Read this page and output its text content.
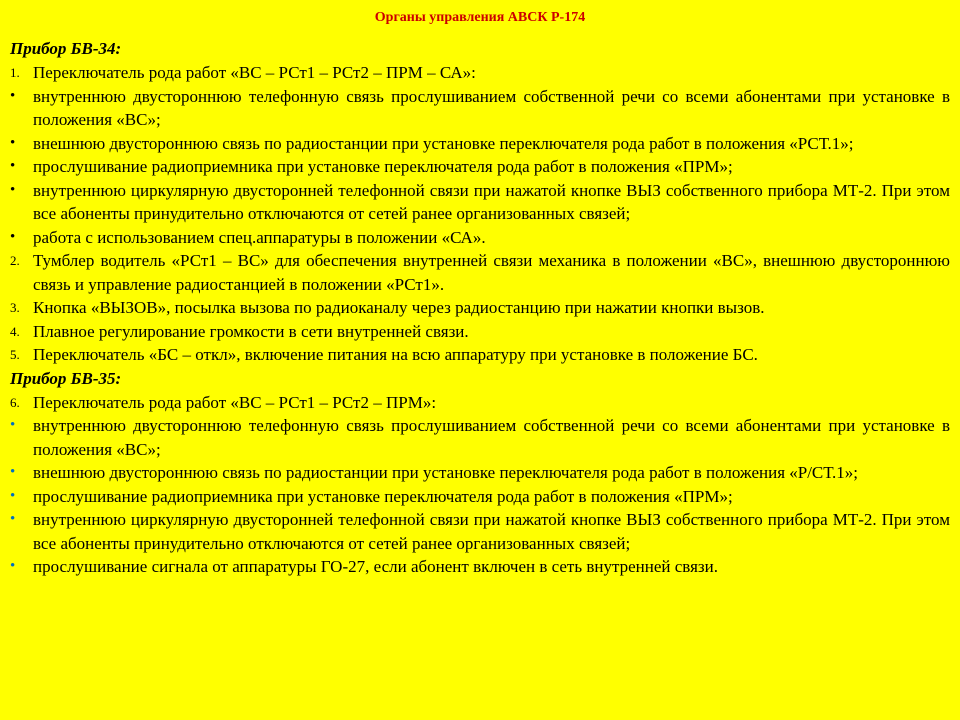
Органы управления АВСК Р-174
Прибор БВ-34:
1. Переключатель рода работ «ВС – РСт1 – РСт2 – ПРМ – СА»:
• внутреннюю двустороннюю телефонную связь прослушиванием собственной речи со всеми абонентами при установке в положения «ВС»;
• внешнюю двустороннюю связь по радиостанции при установке переключателя рода работ в положения «РСТ.1»;
• прослушивание радиоприемника при установке переключателя рода работ в положения «ПРМ»;
• внутреннюю циркулярную двусторонней телефонной связи при нажатой кнопке ВЫЗ собственного прибора МТ-2. При этом все абоненты принудительно отключаются от сетей ранее организованных связей;
• работа с использованием спец.аппаратуры в положении «СА».
2. Тумблер водитель «РСт1 – ВС» для обеспечения внутренней связи механика в положении «ВС», внешнюю двустороннюю связь и управление радиостанцией в положении «РСт1».
3. Кнопка «ВЫЗОВ», посылка вызова по радиоканалу через радиостанцию при нажатии кнопки вызов.
4. Плавное регулирование громкости в сети внутренней связи.
5. Переключатель «БС – откл», включение питания на всю аппаратуру при установке в положение БС.
Прибор БВ-35:
6. Переключатель рода работ «ВС – РСт1 – РСт2 – ПРМ»:
• внутреннюю двустороннюю телефонную связь прослушиванием собственной речи со всеми абонентами при установке в положения «ВС»;
• внешнюю двустороннюю связь по радиостанции при установке переключателя рода работ в положения «Р/СТ.1»;
• прослушивание радиоприемника при установке переключателя рода работ в положения «ПРМ»;
• внутреннюю циркулярную двусторонней телефонной связи при нажатой кнопке ВЫЗ собственного прибора МТ-2. При этом все абоненты принудительно отключаются от сетей ранее организованных связей;
• прослушивание сигнала от аппаратуры ГО-27, если абонент включен в сеть внутренней связи.
